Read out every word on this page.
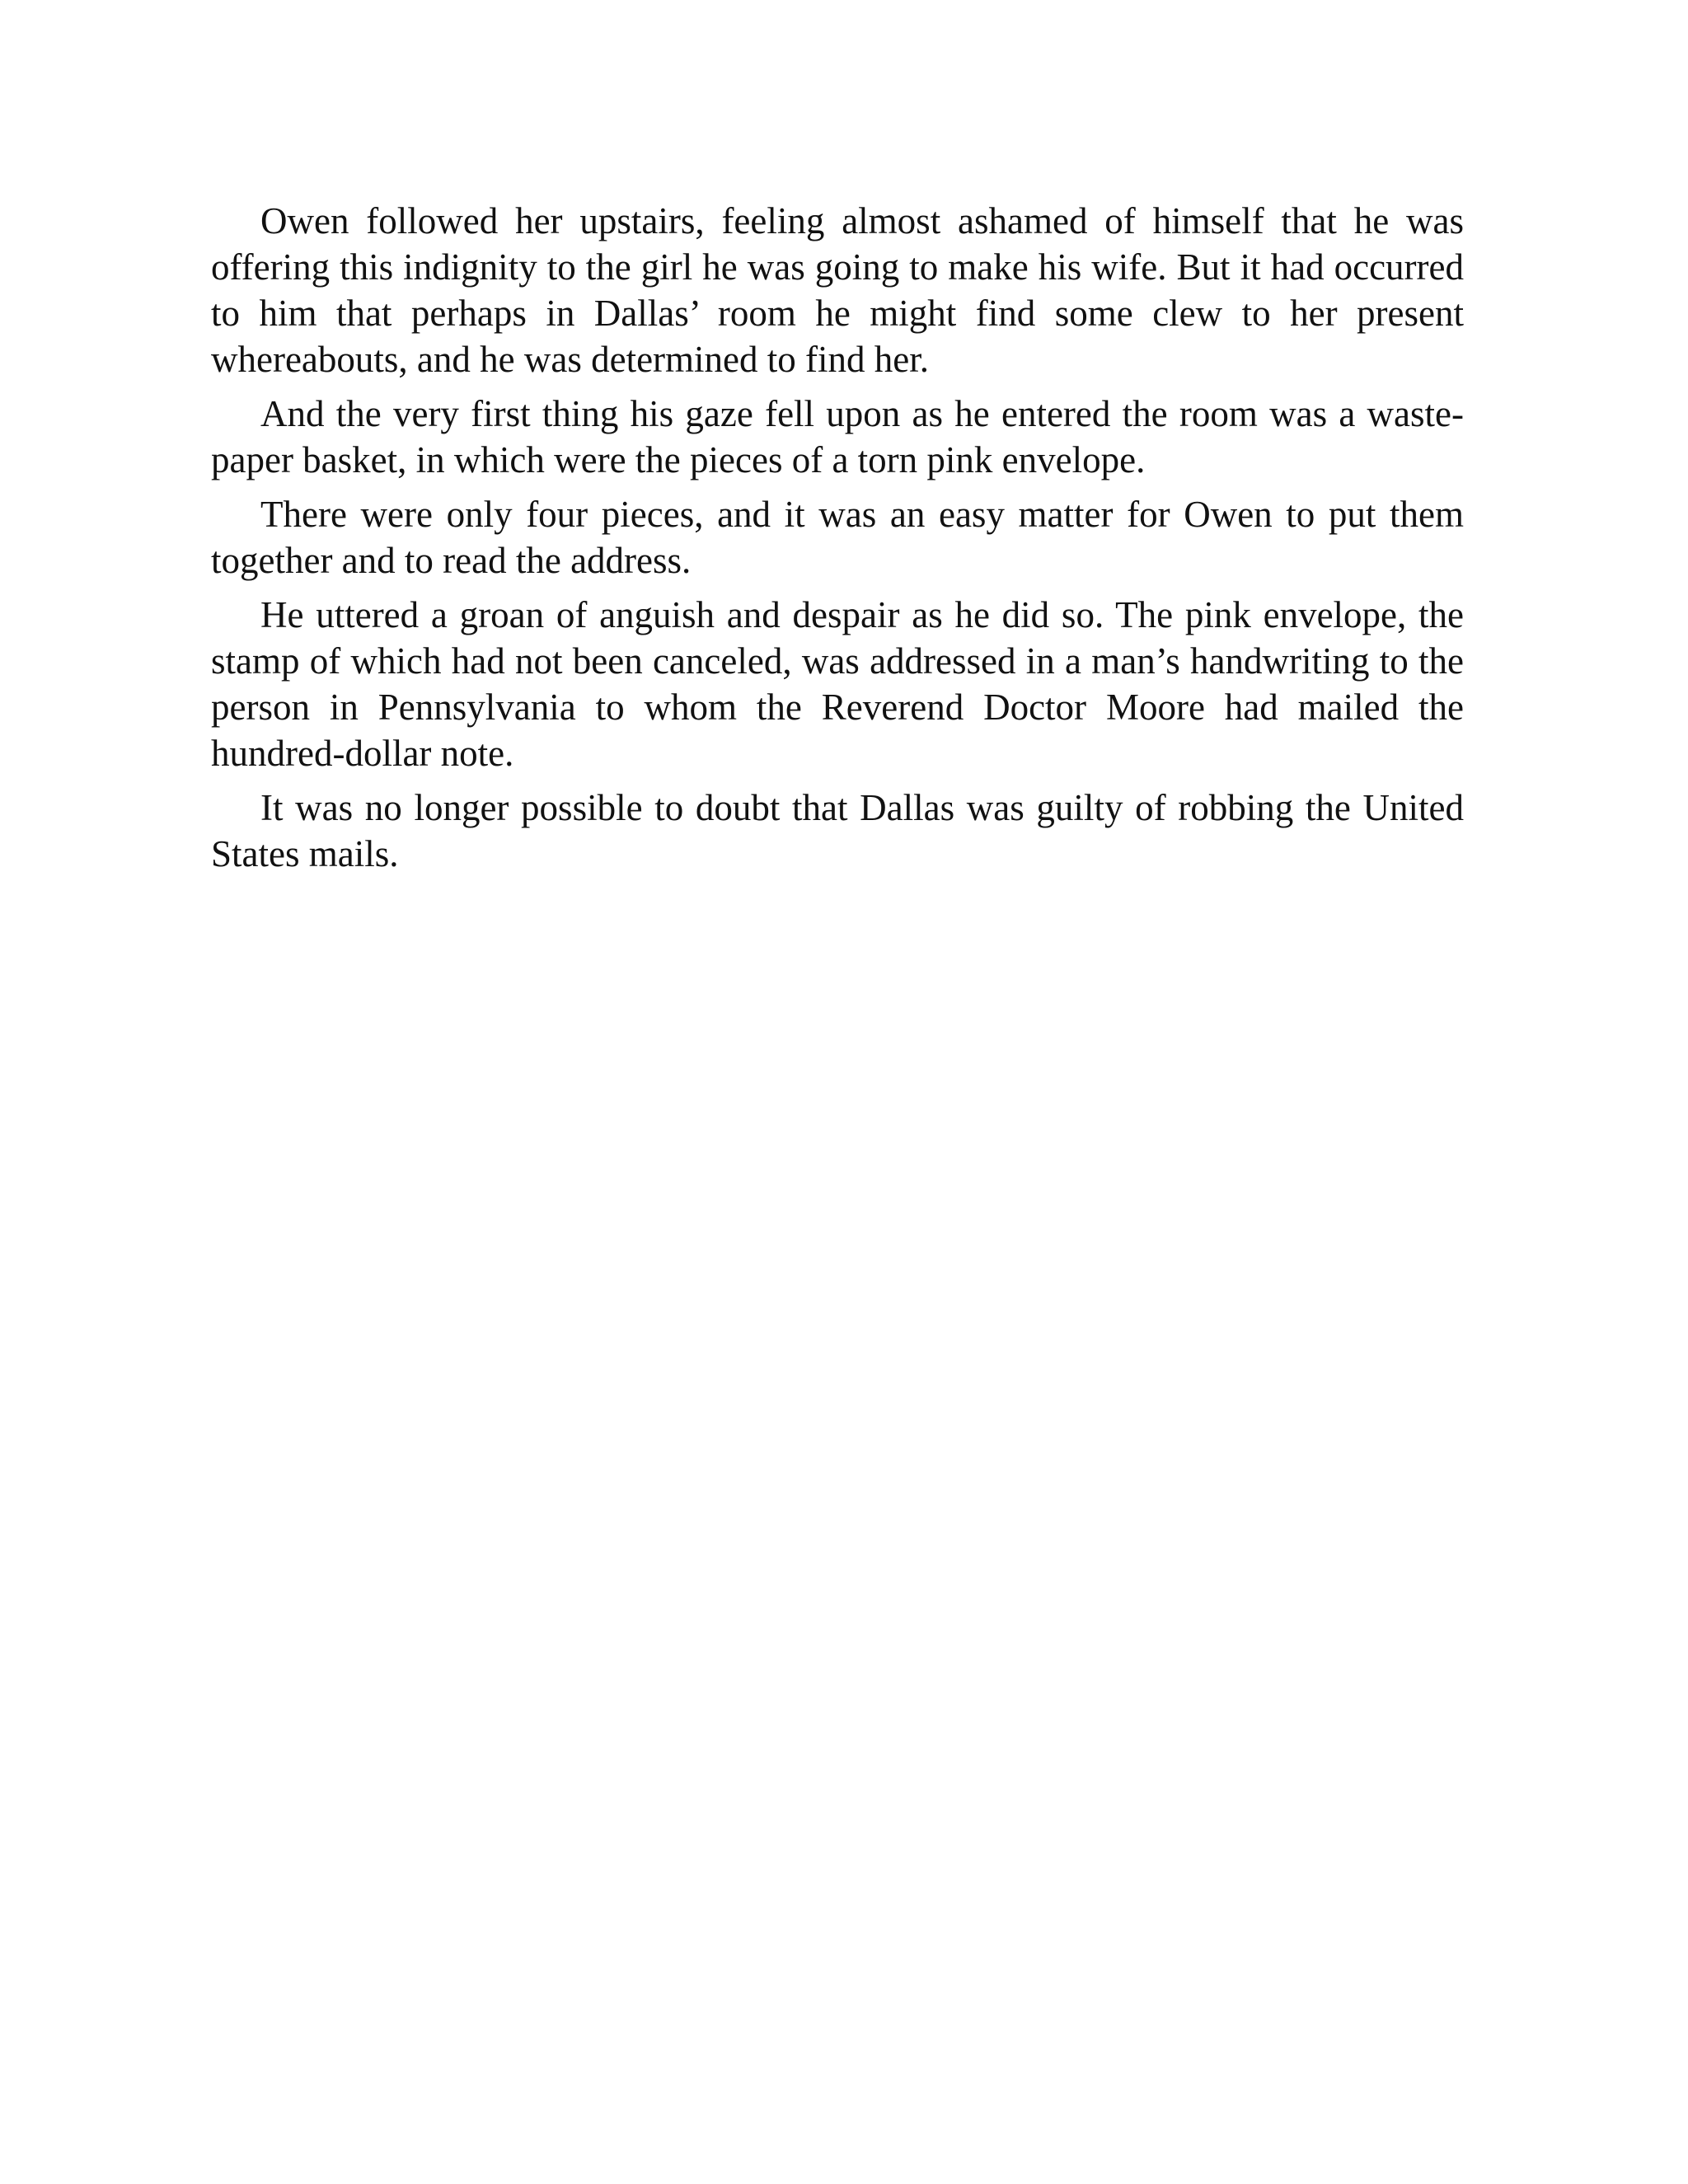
Owen followed her upstairs, feeling almost ashamed of himself that he was offering this indignity to the girl he was going to make his wife. But it had occurred to him that perhaps in Dallas’ room he might find some clew to her present whereabouts, and he was determined to find her.

And the very first thing his gaze fell upon as he entered the room was a waste-paper basket, in which were the pieces of a torn pink envelope.

There were only four pieces, and it was an easy matter for Owen to put them together and to read the address.

He uttered a groan of anguish and despair as he did so. The pink envelope, the stamp of which had not been canceled, was addressed in a man’s handwriting to the person in Pennsylvania to whom the Reverend Doctor Moore had mailed the hundred-dollar note.

It was no longer possible to doubt that Dallas was guilty of robbing the United States mails.
